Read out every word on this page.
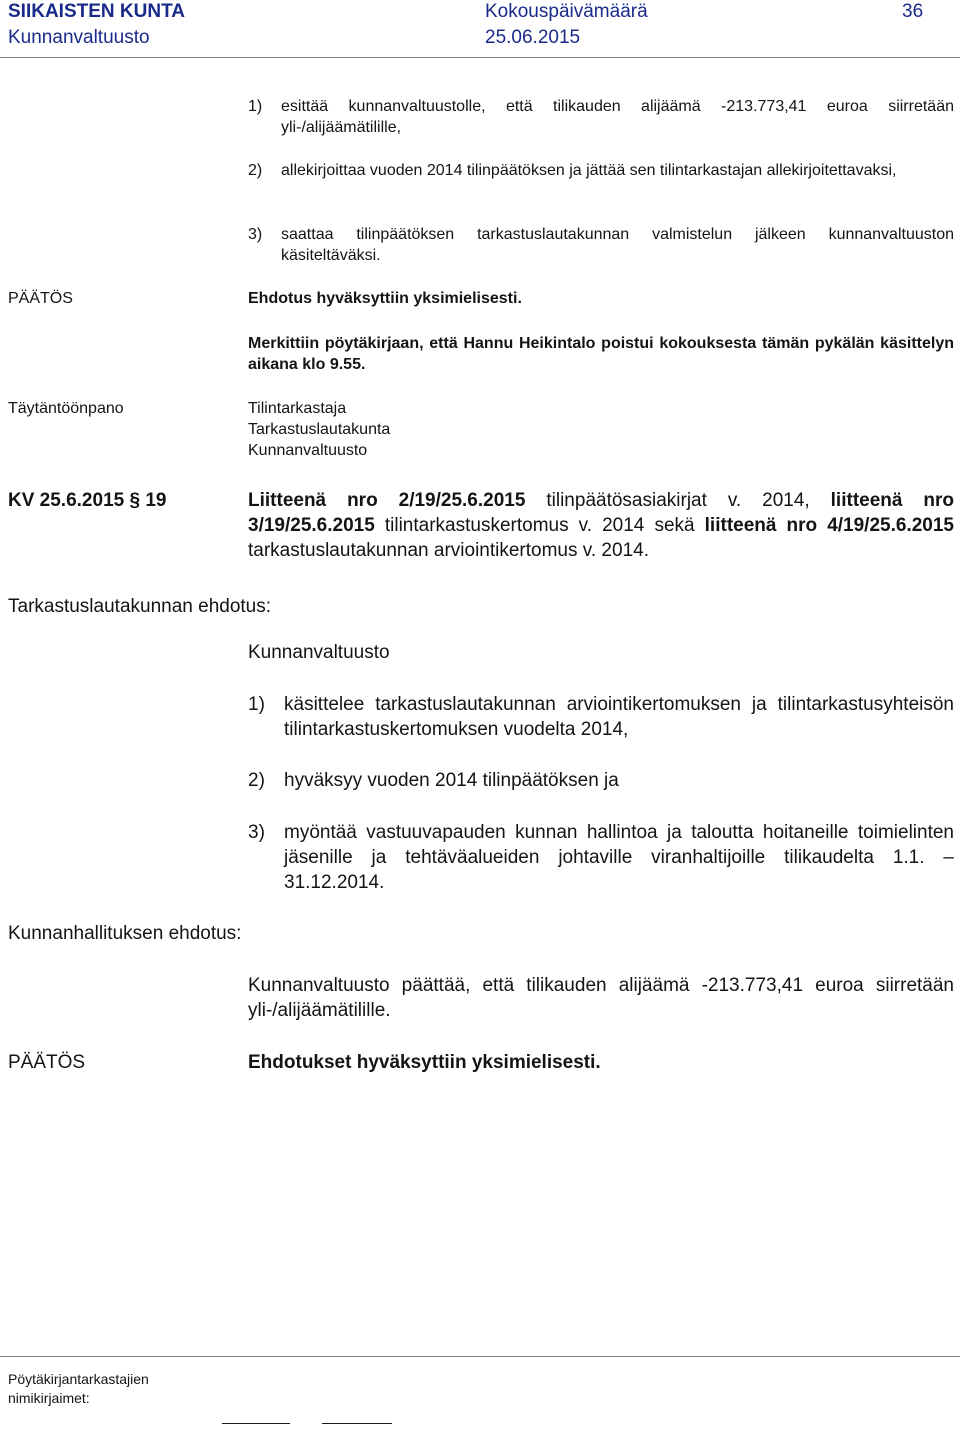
SIIKAISTEN KUNTA	Kokouspäivämäärä	36
Kunnanvaltuusto	25.06.2015
1)	esittää kunnanvaltuustolle, että tilikauden alijäämä -213.773,41 euroa siirretään yli-/alijäämätilille,
2)	allekirjoittaa vuoden 2014 tilinpäätöksen ja jättää sen tilintarkastajan allekirjoitettavaksi,
3)	saattaa tilinpäätöksen tarkastuslautakunnan valmistelun jälkeen kunnanvaltuuston käsiteltäväksi.
PÄÄTÖS	Ehdotus hyväksyttiin yksimielisesti.
Merkittiin pöytäkirjaan, että Hannu Heikintalo poistui kokouksesta tämän pykälän käsittelyn aikana klo 9.55.
Täytäntöönpano	Tilintarkastaja
Tarkastuslautakunta
Kunnanvaltuusto
KV 25.6.2015 § 19	Liitteenä nro 2/19/25.6.2015 tilinpäätösasiakirjat v. 2014, liitteenä nro 3/19/25.6.2015 tilintarkastuskertomus v. 2014 sekä liitteenä nro 4/19/25.6.2015 tarkastuslautakunnan arviointikertomus v. 2014.
Tarkastuslautakunnan ehdotus:
Kunnanvaltuusto
1)	käsittelee tarkastuslautakunnan arviointikertomuksen ja tilintarkastusyhteisön tilintarkastuskertomuksen vuodelta 2014,
2)	hyväksyy vuoden 2014 tilinpäätöksen ja
3)	myöntää vastuuvapauden kunnan hallintoa ja taloutta hoitaneille toimielinten jäsenille ja tehtäväalueiden johtaville viranhaltijoille tilikaudelta 1.1. – 31.12.2014.
Kunnanhallituksen ehdotus:
Kunnanvaltuusto päättää, että tilikauden alijäämä -213.773,41 euroa siirretään yli-/alijäämätilille.
PÄÄTÖS	Ehdotukset hyväksyttiin yksimielisesti.
Pöytäkirjantarkastajien
nimikirjaimet:
